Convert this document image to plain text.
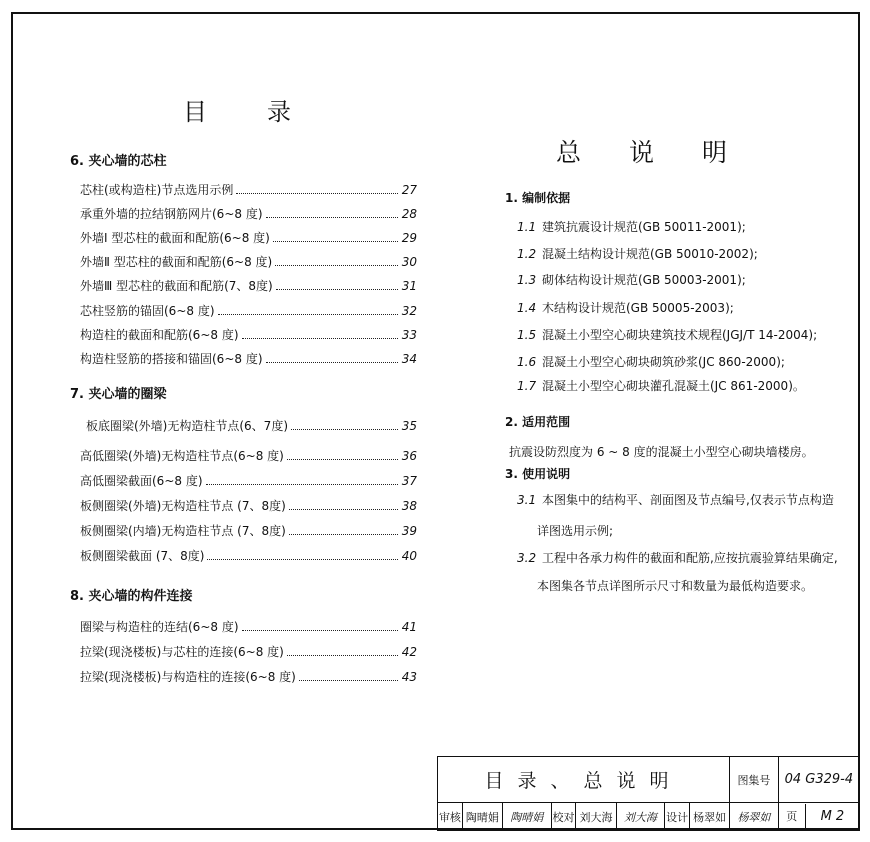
目录
6. 夹心墙的芯柱
芯柱(或构造柱)节点选用示例	27
承重外墙的拉结钢筋网片(6~8 度)	28
外墙Ⅰ 型芯柱的截面和配筋(6~8 度)	29
外墙Ⅱ 型芯柱的截面和配筋(6~8 度)	30
外墙Ⅲ 型芯柱的截面和配筋(7、8度)	31
芯柱竖筋的锚固(6~8 度)	32
构造柱的截面和配筋(6~8 度)	33
构造柱竖筋的搭接和锚固(6~8 度)	34
7. 夹心墙的圈梁
板底圈梁(外墙)无构造柱节点(6、7度)	35
高低圈梁(外墙)无构造柱节点(6~8 度)	36
高低圈梁截面(6~8 度)	37
板侧圈梁(外墙)无构造柱节点 (7、8度)	38
板侧圈梁(内墙)无构造柱节点 (7、8度)	39
板侧圈梁截面 (7、8度)	40
8. 夹心墙的构件连接
圈梁与构造柱的连结(6~8 度)	41
拉梁(现浇楼板)与芯柱的连接(6~8 度)	42
拉梁(现浇楼板)与构造柱的连接(6~8 度)	43
总说明
1. 编制依据
1.1 建筑抗震设计规范(GB 50011-2001);
1.2 混凝土结构设计规范(GB 50010-2002);
1.3 砌体结构设计规范(GB 50003-2001);
1.4 木结构设计规范(GB 50005-2003);
1.5 混凝土小型空心砌块建筑技术规程(JGJ/T 14-2004);
1.6 混凝土小型空心砌块砌筑砂浆(JC 860-2000);
1.7 混凝土小型空心砌块灌孔混凝土(JC 861-2000)。
2. 适用范围
抗震设防烈度为 6 ~ 8 度的混凝土小型空心砌块墙楼房。
3. 使用说明
3.1 本图集中的结构平、剖面图及节点编号,仅表示节点构造
详图选用示例;
3.2 工程中各承力构件的截面和配筋,应按抗震验算结果确定,
本图集各节点详图所示尺寸和数量为最低构造要求。
目录、总说明								图集号	04 G329-4
审核	陶晴娟	陶晴娟	校对	刘大海	刘大海	设计	杨翠如	杨翠如	页 M 2
